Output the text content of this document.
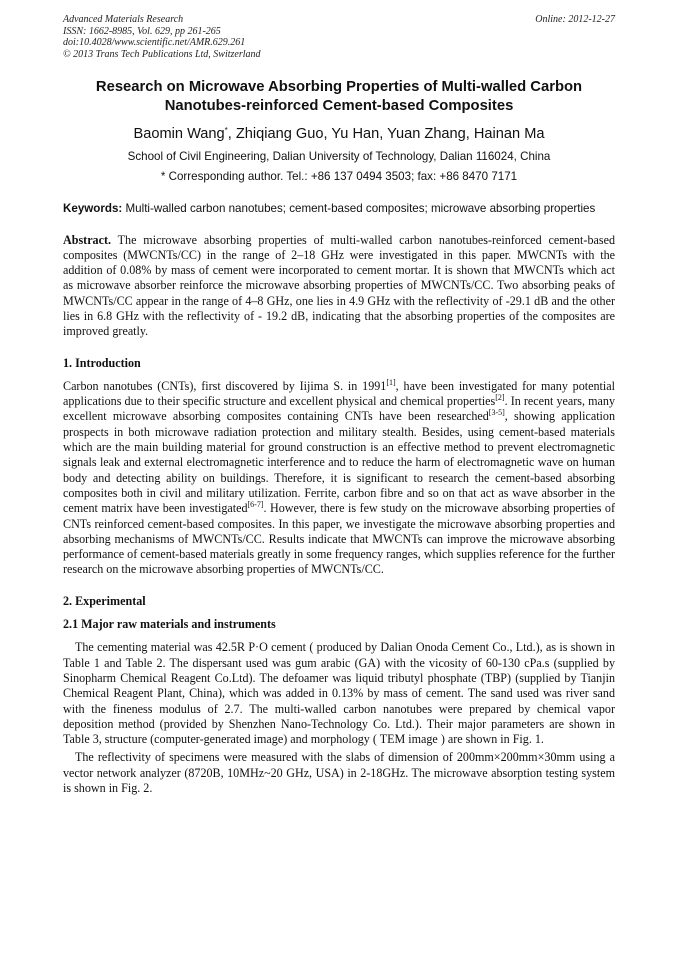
Advanced Materials Research	Online: 2012-12-27
ISSN: 1662-8985, Vol. 629, pp 261-265
doi:10.4028/www.scientific.net/AMR.629.261
© 2013 Trans Tech Publications Ltd, Switzerland
Research on Microwave Absorbing Properties of Multi-walled Carbon
Nanotubes-reinforced Cement-based Composites
Baomin Wang*, Zhiqiang Guo, Yu Han, Yuan Zhang, Hainan Ma
School of Civil Engineering, Dalian University of Technology, Dalian 116024, China
* Corresponding author. Tel.: +86 137 0494 3503; fax: +86 8470 7171
Keywords: Multi-walled carbon nanotubes; cement-based composites; microwave absorbing properties

Abstract. The microwave absorbing properties of multi-walled carbon nanotubes-reinforced cement-based composites (MWCNTs/CC) in the range of 2–18 GHz were investigated in this paper. MWCNTs with the addition of 0.08% by mass of cement were incorporated to cement mortar. It is shown that MWCNTs which act as microwave absorber reinforce the microwave absorbing properties of MWCNTs/CC. Two absorbing peaks of MWCNTs/CC appear in the range of 4–8 GHz, one lies in 4.9 GHz with the reflectivity of -29.1 dB and the other lies in 6.8 GHz with the reflectivity of - 19.2 dB, indicating that the absorbing properties of the composites are improved greatly.

1. Introduction

Carbon nanotubes (CNTs), first discovered by Iijima S. in 1991[1], have been investigated for many potential applications due to their specific structure and excellent physical and chemical properties[2]. In recent years, many excellent microwave absorbing composites containing CNTs have been researched[3-5], showing application prospects in both microwave radiation protection and military stealth. Besides, using cement-based materials which are the main building material for ground construction is an effective method to prevent electromagnetic signals leak and external electromagnetic interference and to reduce the harm of electromagnetic wave on human body and detecting ability on buildings. Therefore, it is significant to research the cement-based absorbing composites both in civil and military utilization. Ferrite, carbon fibre and so on that act as wave absorber in the cement matrix have been investigated[6-7]. However, there is few study on the microwave absorbing properties of CNTs reinforced cement-based composites. In this paper, we investigate the microwave absorbing properties and absorbing mechanisms of MWCNTs/CC. Results indicate that MWCNTs can improve the microwave absorbing performance of cement-based materials greatly in some frequency ranges, which supplies reference for the further research on the microwave absorbing properties of MWCNTs/CC.

2. Experimental
2.1 Major raw materials and instruments

The cementing material was 42.5R P·O cement ( produced by Dalian Onoda Cement Co., Ltd.), as is shown in Table 1 and Table 2. The dispersant used was gum arabic (GA) with the vicosity of 60-130 cPa.s (supplied by Sinopharm Chemical Reagent Co.Ltd). The defoamer was liquid tributyl phosphate (TBP) (supplied by Tianjin Chemical Reagent Plant, China), which was added in 0.13% by mass of cement. The sand used was river sand with the fineness modulus of 2.7. The multi-walled carbon nanotubes were prepared by chemical vapor deposition method (provided by Shenzhen Nano-Technology Co. Ltd.). Their major parameters are shown in Table 3, structure (computer-generated image) and morphology ( TEM image ) are shown in Fig. 1.

The reflectivity of specimens were measured with the slabs of dimension of 200mm×200mm×30mm using a vector network analyzer (8720B, 10MHz~20 GHz, USA) in 2-18GHz. The microwave absorption testing system is shown in Fig. 2.
